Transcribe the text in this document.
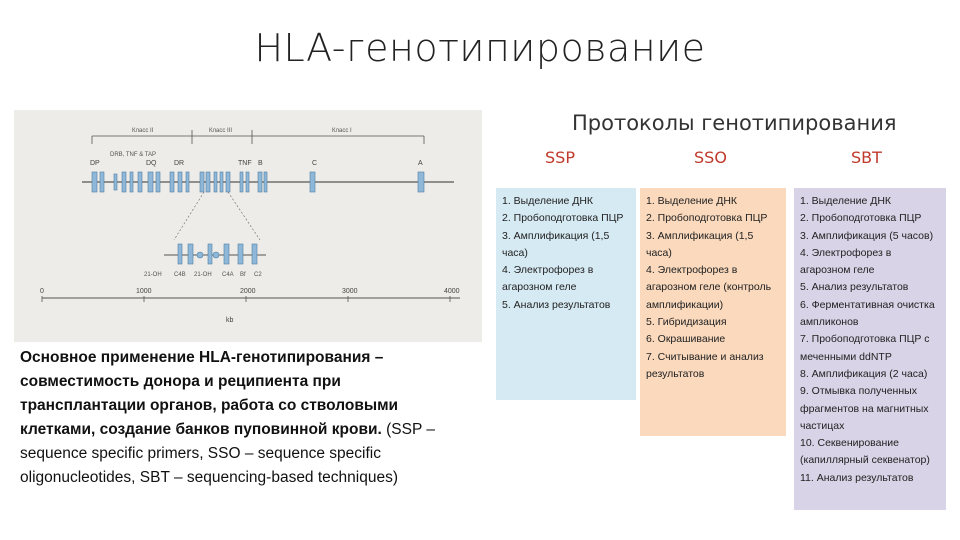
HLA-генотипирование
Класс II	Класс III	Класс I
DP
DRB, TNF & TAP
DQ	DR	TNF B	C	A
21-OH C4B 21-OH C4A Bf C2
0	1000	2000	3000	4000
kb
Основное применение HLA-генотипирования – совместимость донора и реципиента при трансплантации органов, работа со стволовыми клетками, создание банков пуповинной крови. (SSP – sequence specific primers, SSO – sequence specific oligonucleotides, SBT – sequencing-based techniques)
Протоколы генотипирования
SSP	SSO	SBT
1. Выделение ДНК
2. Пробоподготовка ПЦР
3. Амплификация (1,5 часа)
4. Электрофорез в агарозном геле
5. Анализ результатов
1. Выделение ДНК
2. Пробоподготовка ПЦР
3. Амплификация (1,5 часа)
4. Электрофорез в агарозном геле (контроль амплификации)
5. Гибридизация
6. Окрашивание
7. Считывание и анализ результатов
1. Выделение ДНК
2. Пробоподготовка ПЦР
3. Амплификация (5 часов)
4. Электрофорез в агарозном геле
5. Анализ результатов
6. Ферментативная очистка ампликонов
7. Пробоподготовка ПЦР с меченными ddNTP
8. Амплификация (2 часа)
9. Отмывка полученных фрагментов на магнитных частицах
10. Секвенирование (капиллярный секвенатор)
11. Анализ результатов
